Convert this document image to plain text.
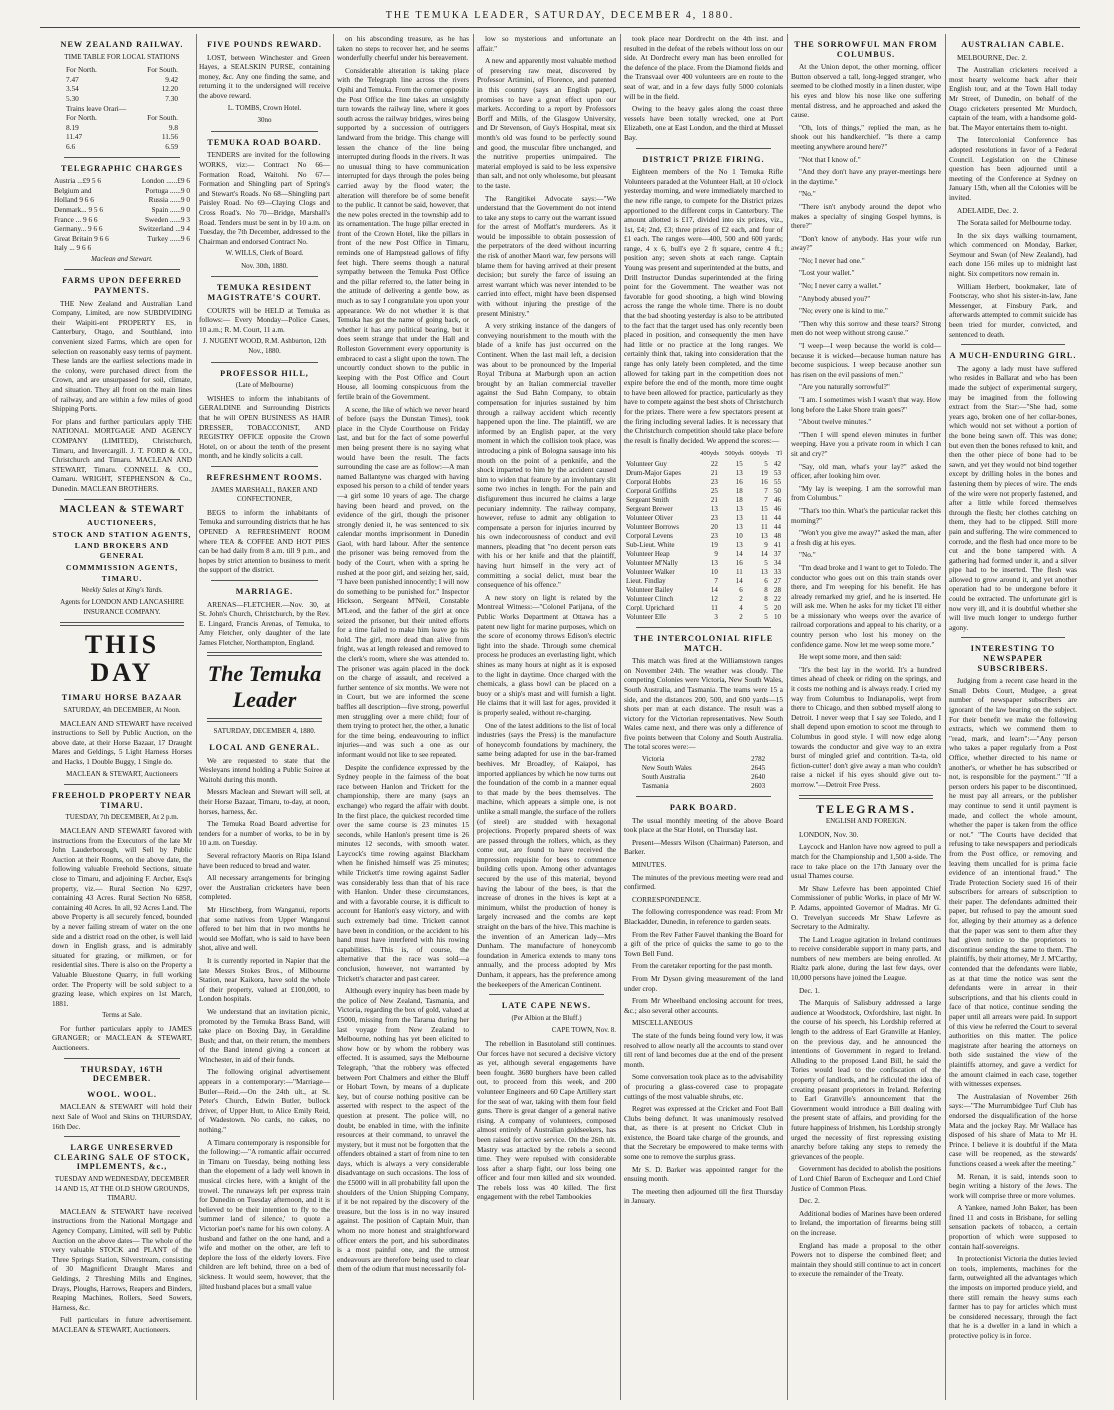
THE TEMUKA LEADER, SATURDAY, DECEMBER 4, 1880.
NEW ZEALAND RAILWAY.
TIME TABLE FOR LOCAL STATIONS
For North.	For South.
7.47	9.42
3.54	12.20
5.30	7.30
Trains leave Orari—
For North.	For South.
8.19	9.8
11.47	11.56
6.6	6.59
TELEGRAPHIC CHARGES
Austria ...£9 5 6	London ......£9 6
Belgium and	Portuga ......9 0
Holland 9 6 6	Russia ......9 0
Denmark... 9 5 6	Spain ......9 0
France ... 9 6 6	Sweden ......9 3
Germany... 9 6 6	Switzerland ...9 4
Great Britain 9 6 6	Turkey ......9 6
Italy ... 9 6 6
Maclean and Stewart.
FARMS UPON DEFERRED PAYMENTS.

THE New Zealand and Australian Land Company, Limited, are now SUBDIVIDING their Waipiti-ent PROPERTY ES, in Canterbury, Otago, and Southland, into convenient sized Farms, which are open for selection on reasonably easy terms of payment. These lands are the earliest selections made in the colony, were purchased direct from the Crown, and are unsurpassed for soil, climate, and situation. They all front on the main lines of railway, and are within a few miles of good Shipping Ports.

For plans and further particulars apply THE NATIONAL MORTGAGE AND AGENCY COMPANY (LIMITED), Christchurch, Timaru, and Invercargill. J. T. FORD & CO., Christchurch and Timaru. MACLEAN AND STEWART, Timaru. CONNELL & CO., Oamaru. WRIGHT, STEPHENSON & Co., Dunedin. MACLEAN BROTHERS.

MACLEAN & STEWART
AUCTIONEERS,
STOCK AND STATION AGENTS,
LAND BROKERS AND GENERAL
COMMMISSION AGENTS,
TIMARU.
Weekly Sales at King's Yards.
Agents for LONDON AND LANCASHIRE INSURANCE COMPANY.
THIS DAY
TIMARU HORSE BAZAAR
SATURDAY, 4th DECEMBER, At Noon.

MACLEAN AND STEWART have received instructions to Sell by Public Auction, on the above date, at their Horse Bazaar, 17 Draught Mares and Geldings, 5 Light Harness Horses and Hacks, 1 Double Buggy, 1 Single do.

MACLEAN & STEWART, Auctioneers
FREEHOLD PROPERTY NEAR TIMARU.
TUESDAY, 7th DECEMBER, At 2 p.m.

MACLEAN AND STEWART favored with instructions from the Executors of the late Mr John Lauderborough, will Sell by Public Auction at their Rooms, on the above date, the following valuable Freehold Sections, situate close to Timaru, and adjoining F. Archer, Esq's property, viz.— Rural Section No 6297, containing 43 Acres. Rural Section No 6858, containing 40 Acres. In all, 92 Acres Land. The above Property is all securely fenced, bounded by a never failing stream of water on the one side and a district road on the other, is well laid down in English grass, and is admirably situated for grazing, or milkmen, or for residential sites. There is also on the Property a Valuable Bluestone Quarry, in full working order. The Property will be sold subject to a grazing lease, which expires on 1st March, 1881.

Terms at Sale.

For further particulars apply to JAMES GRANGER; or MACLEAN & STEWART, Auctioneers.

THURSDAY, 16TH DECEMBER.
WOOL. WOOL.

MACLEAN & STEWART will hold their next Sale of Wool and Skins on THURSDAY, 16th Dec.

LARGE UNRESERVED CLEARING SALE OF STOCK, IMPLEMENTS, &c.,
TUESDAY AND WEDNESDAY, DECEMBER 14 AND 15, AT THE OLD SHOW GROUNDS, TIMARU.

MACLEAN & STEWART have received instructions from the National Mortgage and Agency Company, Limited, will sell by Public Auction on the above dates— The whole of the very valuable STOCK and PLANT of the Three Springs Station, Silverstream, consisting of 30 Magnificent Draught Mares and Geldings, 2 Threshing Mills and Engines, Drays, Ploughs, Harrows, Reapers and Binders, Reaping Machines, Rollers, Seed Sowers, Harness, &c.

Full particulars in future advertisement. MACLEAN & STEWART, Auctioneers.

FIVE POUNDS REWARD.

LOST, between Winchester and Green Hayes, a SEALSKIN PURSE, containing money, &c. Any one finding the same, and returning it to the undersigned will receive the above reward.

L. TOMBS, Crown Hotel.
30no
TEMUKA ROAD BOARD.

TENDERS are invited for the following WORKS, viz:— Contract No 66—Formation Road, Waitohi. No 67—Formation and Shingling part of Spring's and Stewart's Roads. No 68—Shingling part Paisley Road. No 69—Claying Clogs and Cross Road's. No 70—Bridge, Marshall's Road. Tenders must be sent in by 10 a.m. on Tuesday, the 7th December, addressed to the Chairman and endorsed Contract No.

W. WILLS, Clerk of Board.
Nov. 30th, 1880.
TEMUKA RESIDENT MAGISTRATE'S COURT.

COURTS will be HELD at Temuka as follows:— Every Monday—Police Cases, 10 a.m.; R. M. Court, 11 a.m.

J. NUGENT WOOD, R.M. Ashburton, 12th Nov., 1880.
PROFESSOR HILL,
(Late of Melbourne)

WISHES to inform the inhabitants of GERALDINE and Surrounding Districts that he will OPEN BUSINESS AS HAIR DRESSER, TOBACCONIST, AND REGISTRY OFFICE opposite the Crown Hotel, on or about the tenth of the present month, and he kindly solicits a call.

REFRESHMENT ROOMS.
JAMES MARSHALL, BAKER AND CONFECTIONER,

BEGS to inform the inhabitants of Temuka and surrounding districts that he has OPENED A REFRESHMENT ROOM where TEA & COFFEE AND HOT PIES can be had daily from 8 a.m. till 9 p.m., and hopes by strict attention to business to merit the support of the district.

MARRIAGE.

ARENAS—FLETCHER.—Nov. 30, at St. John's Church, Christchurch, by the Rev. E. Lingard, Francis Arenas, of Temuka, to Amy Fletcher, only daughter of the late James Fletcher, Northampton, England.

The Temuka Leader
SATURDAY, DECEMBER 4, 1880.
LOCAL AND GENERAL.

We are requested to state that the Wesleyans intend holding a Public Soiree at Waitohi during this month.

Messrs Maclean and Stewart will sell, at their Horse Bazaar, Timaru, to-day, at noon, horses, harness, &c.

The Temuka Road Board advertise for tenders for a number of works, to be in by 10 a.m. on Tuesday.

Several refractory Maoris on Ripa Island have been reduced to bread and water.

All necessary arrangements for bringing over the Australian cricketers have been completed.

Mr Hirschberg, from Wanganui, reports that some natives from Upper Wanganui offered to bet him that in two months he would see Moffatt, who is said to have been shot, alive and well.

It is currently reported in Napier that the late Messrs Stokes Bros., of Milbourne Station, near Kaikora, have sold the whole of their property, valued at £100,000, to London hospitals.

We understand that an invitation picnic, promoted by the Temuka Brass Band, will take place on Boxing Day, in Geraldine Bush; and that, on their return, the members of the Band intend giving a concert at Winchester, in aid of their funds.

The following original advertisement appears in a contemporary:—"Marriage—Butler—Reid.—On the 24th ult., at St. Peter's Church, Edwin Butler, bullock driver, of Upper Hutt, to Alice Emily Reid, of Wadestown. No cards, no cakes, no nothing."

A Timaru contemporary is responsible for the following:—"A romantic affair occurred in Timaru on Tuesday, being nothing less than the elopement of a lady well known in musical circles here, with a knight of the trowel. The runaways left per express train for Dunedin on Tuesday afternoon, and it is believed to be their intention to fly to the 'summer land of silence,' to quote a Victorian poet's name for his own colony. A husband and father on the one hand, and a wife and mother on the other, are left to deplore the loss of the elderly lovers. Five children are left behind, three on a bed of sickness. It would seem, however, that the jilted husband places but a small value

on his absconding treasure, as he has taken no steps to recover her, and he seems wonderfully cheerful under his bereavement.

Considerable alteration is taking place with the Telegraph line across the rivers Opihi and Temuka. From the corner opposite the Post Office the line takes an unsightly turn towards the railway line, where it goes south across the railway bridges, wires being supported by a succession of outriggers landward from the bridge. This change will lessen the chance of the line being interrupted during floods in the rivers. It was no unusual thing to have communication interrupted for days through the poles being carried away by the flood water; the alteration will therefore be of some benefit to the public. It cannot be said, however, that the new poles erected in the township add to its ornamentation. The huge pillar erected in front of the Crown Hotel, like the pillars in front of the new Post Office in Timaru, reminds one of Hampstead gallows of fifty feet high. There seems though a natural sympathy between the Temuka Post Office and the pillar referred to, the latter being in the attitude of delivering a gentle bow, as much as to say I congratulate you upon your appearance. We do not whether it is that Temuka has got the name of going back, or whether it has any political bearing, but it does seem strange that under the Hall and Rolleston Government every opportunity is embraced to cast a slight upon the town. The uncourtly conduct shown to the public in keeping with the Post Office and Court House, all looming conspicuous from the fertile brain of the Government.

A scene, the like of which we never heard of before (says the Dunstan Times), took place in the Clyde Courthouse on Friday last, and but for the fact of some powerful men being present there is no saying what would have been the result. The facts surrounding the case are as follow:—A man named Ballantyne was charged with having exposed his person to a child of tender years—a girl some 10 years of age. The charge having been heard and proved, on the evidence of the girl, though the prisoner strongly denied it, he was sentenced to six calendar months imprisonment in Dunedin Gaol, with hard labour. After the sentence the prisoner was being removed from the body of the Court, when with a spring he rushed at the poor girl, and seizing her, said, "I have been punished innocently; I will now do something to be punished for." Inspector Hickson, Sergeant M'Neil, Constable M'Leod, and the father of the girl at once seized the prisoner, but their united efforts for a time failed to make him leave go his hold. The girl, more dead than alive from fright, was at length released and removed to the clerk's room, where she was attended to. The prisoner was again placed in the dock on the charge of assault, and received a further sentence of six months. We were not in Court, but we are informed the scene baffles all description—five strong, powerful men struggling over a mere child; four of them trying to protect her, the other, a lunatic for the time being, endeavouring to inflict injuries—and was such a one as our informant would not like to see repeated.

Despite the confidence expressed by the Sydney people in the fairness of the boat race between Hanlon and Trickett for the championship, there are many (says an exchange) who regard the affair with doubt. In the first place, the quickest recorded time over the same course is 23 minutes 15 seconds, while Hanlon's present time is 26 minutes 12 seconds, with smooth water. Laycock's time rowing against Blackham when he finished himself was 25 minutes; while Trickett's time rowing against Sadler was considerably less than that of his race with Hanlon. Under these circumstances, and with a favorable course, it is difficult to account for Hanlon's easy victory, and with such extremely bad time. Trickett cannot have been in condition, or the accident to his hand must have interfered with his rowing capabilities. This is, of course, the alternative that the race was sold—a conclusion, however, not warranted by Trickett's character and past career.

Although every inquiry has been made by the police of New Zealand, Tasmania, and Victoria, regarding the box of gold, valued at £5000, missing from the Tararua during her last voyage from New Zealand to Melbourne, nothing has yet been elicited to show how or by whom the robbery was effected. It is assumed, says the Melbourne Telegraph, "that the robbery was effected between Port Chalmers and either the Bluff or Hobart Town, by means of a duplicate key, but of course nothing positive can be asserted with respect to the aspect of the question at present. The police will, no doubt, be enabled in time, with the infinite resources at their command, to unravel the mystery, but it must not be forgotten that the offenders obtained a start of from nine to ten days, which is always a very considerable disadvantage on such occasions. The loss of the £5000 will in all probability fall upon the shoulders of the Union Shipping Company, if it be not repaired by the discovery of the treasure, but the loss is in no way insured against. The position of Captain Muir, than whom no more honest and straightforward officer enters the port, and his subordinates is a most painful one, and the utmost endeavours are therefore being used to clear them of the odium that must necessarily fol-

low so mysterious and unfortunate an affair."

A new and apparently most valuable method of preserving raw meat, discovered by Professor Artimini, of Florence, and patented in this country (says an English paper), promises to have a great effect upon our markets. According to a report by Professors Borff and Mills, of the Glasgow University, and Dr Stevenson, of Guy's Hospital, meat six month's old was found to be perfectly sound and good, the muscular fibre unchanged, and the nutritive properties unimpaired. The material employed is said to be less expensive than salt, and not only wholesome, but pleasant to the taste.

The Rangitikei Advocate says:—"We understand that the Government do not intend to take any steps to carry out the warrant issued for the arrest of Moffatt's murderers. As it would be impossible to obtain possession of the perpetrators of the deed without incurring the risk of another Maori war, few persons will blame them for having arrived at their present decision; but surely the farce of issuing an arrest warrant which was never intended to be carried into effect, might have been dispensed with without injuring the prestige of the present Ministry."

A very striking instance of the dangers of conveying nourishment to the mouth with the blade of a knife has just occurred on the Continent. When the last mail left, a decision was about to be pronounced by the Imperial Royal Tribuna at Marburgh upon an action brought by an Italian commercial traveller against the Sud Bahn Company, to obtain compensation for injuries sustained by him through a railway accident which recently happened upon the line. The plaintiff, we are informed by an English paper, at the very moment in which the collision took place, was introducing a pink of Bologna sausage into his mouth on the point of a penknife, and the shock imparted to him by the accident caused him to widen that feature by an involuntary slit some two inches in length. For the pain and disfigurement thus incurred he claims a large pecuniary indemnity. The railway company, however, refuse to admit any obligation to compensate a person for injuries incurred by his own indecorousness of conduct and evil manners, pleading that "no decent person eats with his or her knife and that the plaintiff, having hurt himself in the very act of committing a social delict, must bear the consequence of his offence."

A new story on light is related by the Montreal Witness:—"Colonel Parijana, of the Public Works Department at Ottawa has a patent new light for marine purposes, which on the score of economy throws Edison's electric light into the shade. Through some chemical process he produces an everlasting light, which shines as many hours at night as it is exposed to the light in daytime. Once charged with the chemicals, a glass bowl can be placed on a buoy or a ship's mast and will furnish a light. He claims that it will last for ages, provided it is properly sealed, without re-charging.

One of the latest additions to the list of local industries (says the Press) is the manufacture of honeycomb foundations by machinery, the same being adapted for use in the bar-framed beehives. Mr Broadley, of Kaiapoi, has imported appliances by which he now turns out the foundation of the comb in a manner equal to that made by the bees themselves. The machine, which appears a simple one, is not unlike a small mangle, the surface of the rollers (of steel) are studded with hexagonal projections. Properly prepared sheets of wax are passed through the rollers, which, as they come out, are found to have received the impression requisite for bees to commence building cells upon. Among other advantages secured by the use of this material, beyond having the labour of the bees, is that the increase of drones in the hives is kept at a minimum, whilst the production of honey is largely increased and the combs are kept straight on the bars of the hive. This machine is the invention of an American lady—Mrs Dunham. The manufacture of honeycomb foundation in America extends to many tons annually, and the process adopted by Mrs Dunham, it appears, has the preference among the beekeepers of the American Continent.

LATE CAPE NEWS.
(Per Albion at the Bluff.)
CAPE TOWN, Nov. 8.

The rebellion in Basutoland still continues. Our forces have not secured a decisive victory as yet, although several engagements have been fought. 3680 burghers have been called out, to proceed from this week, and 200 volunteer Engineers and 60 Cape Artillery start for the seat of war, taking with them four field guns. There is great danger of a general native rising. A company of volunteers, composed almost entirely of Australian goldseekers, has been raised for active service. On the 26th ult. Mastry was attacked by the rebels a second time. They were repulsed with considerable loss after a sharp fight, our loss being one officer and four men killed and six wounded. The rebels loss was 40 killed. The first engagement with the rebel Tambookies

took place near Dordrecht on the 4th inst. and resulted in the defeat of the rebels without loss on our side. At Dordrecht every man has been enrolled for the defence of the place. From the Diamond fields and the Transvaal over 400 volunteers are en route to the seat of war, and in a few days fully 5000 colonials will be in the field.

Owing to the heavy gales along the coast three vessels have been totally wrecked, one at Port Elizabeth, one at East London, and the third at Mussel Bay.

DISTRICT PRIZE FIRING.

Eighteen members of the No 1 Temuka Rifle Volunteers paraded at the Volunteer Hall, at 10 o'clock yesterday morning, and were immediately marched to the new rifle range, to compete for the District prizes apportioned to the different corps in Canterbury. The amount allotted is £17, divided into six prizes, viz., 1st, £4; 2nd, £3; three prizes of £2 each, and four of £1 each. The ranges were—400, 500 and 600 yards; range, 4 x 6, bull's eye 2 ft square, centre 4 ft.; position any; seven shots at each range. Captain Young was present and superintended at the butts, and Drill Instructor Dundas superintended at the firing point for the Government. The weather was not favorable for good shooting, a high wind blowing across the range the whole time. There is no doubt that the bad shooting yesterday is also to be attributed to the fact that the target used has only recently been placed in position, and consequently the men have had little or no practice at the long ranges. We certainly think that, taking into consideration that the range has only lately been completed, and the time allowed for taking part in the competition does not expire before the end of the month, more time ought to have been allowed for practice, particularly as they have to compete against the best shots of Christchurch for the prizes. There were a few spectators present at the firing including several ladies. It is necessary that the Christchurch competition should take place before the result is finally decided. We append the scores:—

	400yds	500yds	600yds	Tl
Volunteer Guy	22	15	5	42
Drum-Major Gapes	21	13	19	53
Corporal Hobbs	23	16	16	55
Corporal Griffiths	25	18	7	50
Sergeant Smith	21	18	7	46
Sergeant Brewer	13	13	15	46
Volunteer Oliver	23	13	11	44
Volunteer Borrows	20	13	11	44
Corporal Levens	23	10	13	48
Sub-Lieut. White	19	13	9	41
Volunteer Heap	9	14	14	37
Volunteer M'Nally	13	16	5	34
Volunteer Walker	10	11	13	33
Lieut. Findlay	7	14	6	27
Volunteer Bailey	14	6	8	28
Volunteer Clinch	12	2	8	22
Corpl. Uprichard	11	4	5	20
Volunteer Elle	3	2	5	10
THE INTERCOLONIAL RIFLE MATCH.

This match was fired at the Williamstown ranges on November 24th. The weather was cloudy. The competing Colonies were Victoria, New South Wales, South Australia, and Tasmania. The teams were 15 a side, and the distances 200, 500, and 600 yards—15 shots per man at each distance. The result was a victory for the Victorian representatives. New South Wales came next, and there was only a difference of five points between that Colony and South Australia. The total scores were:—

Victoria	2782
New South Wales	2645
South Australia	2640
Tasmania	2603
PARK BOARD.

The usual monthly meeting of the above Board took place at the Star Hotel, on Thursday last.

Present—Messrs Wilson (Chairman) Paterson, and Barker.

MINUTES.

The minutes of the previous meeting were read and confirmed.

CORRESPONDENCE.

The following correspondence was read: From Mr Blackadder, Dunedin, in reference to garden seats.

From the Rev Father Fauvel thanking the Board for a gift of the price of quicks the same to go to the Town Bell Fund.

From the caretaker reporting for the past month.

From Mr Dyson giving measurement of the land under crop.

From Mr Wheelband enclosing account for trees, &c.; also several other accounts.

MISCELLANEOUS

The state of the funds being found very low, it was resolved to allow nearly all the accounts to stand over till rent of land becomes due at the end of the present month.

Some conversation took place as to the advisability of procuring a glass-covered case to propagate cuttings of the most valuable shrubs, etc.

Regret was expressed at the Cricket and Foot Ball Clubs being defunct. It was unanimously resolved that, as there is at present no Cricket Club in existence, the Board take charge of the grounds, and that the Secretary be empowered to make terms with some one to remove the surplus grass.

Mr S. D. Barker was appointed ranger for the ensuing month.

The meeting then adjourned till the first Thursday in January.

THE SORROWFUL MAN FROM COLUMBUS.

At the Union depot, the other morning, officer Button observed a tall, long-legged stranger, who seemed to be clothed mostly in a linen duster, wipe his eyes and blow his nose like one suffering mental distress, and he approached and asked the cause.

"Oh, lots of things," replied the man, as he shook out his handkerchief. "Is there a camp meeting anywhere around here?"

"Not that I know of."

"And they don't have any prayer-meetings here in the daytime."

"No."

"There isn't anybody around the depot who makes a specialty of singing Gospel hymns, is there?"

"Don't know of anybody. Has your wife run away?"

"No; I never had one."

"Lost your wallet."

"No; I never carry a wallet."

"Anybody abused you?"

"No; every one is kind to me."

"Then why this sorrow and these tears? Strong men do not weep without strong cause."

"I weep—I weep because the world is cold—because it is wicked—because human nature has become suspicious. I weep because another sun has risen on the evil passions of men."

"Are you naturally sorrowful?"

"I am. I sometimes wish I wasn't that way. How long before the Lake Shore train goes?"

"About twelve minutes."

"Then I will spend eleven minutes in further weeping. Have you a private room in which I can sit and cry?"

"Say, old man, what's your lay?" asked the officer, after looking him over.

"My lay is weeping. I am the sorrowful man from Columbus."

"That's too thin. What's the particular racket this morning?"

"Won't you give me away?" asked the man, after a fresh dig at his eyes.

"No."

"I'm dead broke and I want to get to Toledo. The conductor who goes out on this train stands over there, and I'm weeping for his benefit. He has already remarked my grief, and he is inserted. He will ask me. When he asks for my ticket I'll either be a missionary who weeps over the avarice of railroad corporations and appeal to his charity, or a country person who lost his money on the confidence game. Now let me weep some more."

He wept some more, and then said:

"It's the best lay in the world. It's a hundred times ahead of cheek or riding on the springs, and it costs me nothing and is always ready. I cried my way from Columbus to Indianapolis, wept from there to Chicago, and then sobbed myself along to Detroit. I never weep that I say see Toledo, and I shall depend upon emotion to scoot me through to Columbus in good style. I will now edge along towards the conductor and give way to an extra burst of mingled grief and contrition. Ta-ta, old fiction-cutter! don't give away a man who couldn't raise a nickel if his eyes should give out to-morrow."—Detroit Free Press.

TELEGRAMS.
ENGLISH AND FOREIGN.

LONDON, Nov. 30.

Laycock and Hanlon have now agreed to pull a match for the Championship and 1,500 a-side. The race to take place on the 17th January over the usual Thames course.

Mr Shaw Lefevre has been appointed Chief Commissioner of public Works, in place of Mr W. P. Adams, appointed Governor of Madras. Mr G. O. Trevelyan succeeds Mr Shaw Lefevre as Secretary to the Admiralty.

The Land League agitation in Ireland continues to receive considerable support in many parts, and numbers of new members are being enrolled. At Rialtz park alone, during the last few days, over 10,000 persons have joined the League.

Dec. 1.

The Marquis of Salisbury addressed a large audience at Woodstock, Oxfordshire, last night. In the course of his speech, his Lordship referred at length to the address of Earl Granville at Hanley, on the previous day, and he announced the intentions of Government in regard to Ireland. Alluding to the proposed Land Bill, he said the Tories would lead to the confiscation of the property of landlords, and he ridiculed the idea of creating peasant proprietors in Ireland. Referring to Earl Granville's announcement that the Government would introduce a Bill dealing with the present state of affairs, and providing for the future happiness of Irishmen, his Lordship strongly urged the necessity of first repressing existing anarchy before taking any steps to remedy the grievances of the people.

Government has decided to abolish the positions of Lord Chief Baron of Exchequer and Lord Chief Justice of Common Pleas.

Dec. 2.

Additional bodies of Marines have been ordered to Ireland, the importation of firearms being still on the increase.

England has made a proposal to the other Powers not to disperse the combined fleet; and maintain they should still continue to act in concert to execute the remainder of the Treaty.

AUSTRALIAN CABLE.

MELBOURNE, Dec. 2.

The Australian cricketers received a most hearty welcome back after their English tour, and at the Town Hall today Mr Street, of Dunedin, on behalf of the Otago cricketers presented Mr Murdoch, captain of the team, with a handsome gold-bat. The Mayor entertains them to-night.

The Intercolonial Conference has adopted resolutions in favor of a Federal Council. Legislation on the Chinese question has been adjourned until a meeting of the Conference at Sydney on January 15th, when all the Colonies will be invited.

ADELAIDE, Dec. 2.

The Sorata sailed for Melbourne today.

In the six days walking tournament, which commenced on Monday, Barker, Seymour and Swan (of New Zealand), had each done 156 miles up to midnight last night. Six competitors now remain in.

William Herbert, bookmaker, late of Footscray, who shot his sister-in-law, Jane Messenger, at Finsbury Park, and afterwards attempted to commit suicide has been tried for murder, convicted, and sentenced to death.

A MUCH-ENDURING GIRL.

The agony a lady must have suffered who resides in Ballarat and who has been made the subject of experimental surgery, may be imagined from the following extract from the Star:—"She had, some years ago, broken one of her collar-bones, which would not set without a portion of the bone being sawn off. This was done; but even then the bones refused to knit, and then the other piece of bone had to be sawn, and yet they would not bind together except by drilling holes in the bones and fastening them by pieces of wire. The ends of the wire were not properly fastened, and after a little while forced themselves through the flesh; her clothes catching on them, they had to be clipped. Still more pain and suffering. The wire commenced to corrode, and the flesh had once more to be cut and the bone tampered with. A gathering had formed under it, and a silver pipe had to be inserted. The flesh was allowed to grow around it, and yet another operation had to be undergone before it could be extracted. The unfortunate girl is now very ill, and it is doubtful whether she will live much longer to undergo further agony.

INTERESTING TO NEWSPAPER SUBSCRIBERS.

Judging from a recent case heard in the Small Debts Court, Mudgee, a great number of newspaper subscribers are ignorant of the law bearing on the subject. For their benefit we make the following extracts, which we commend them to "read, mark, and learn":—"Any person who takes a paper regularly from a Post Office, whether directed to his name or another's, or whether he has subscribed or not, is responsible for the payment." "If a person orders his paper to be discontinued, he must pay all arrears, or the publisher may continue to send it until payment is made, and collect the whole amount, whether the paper is taken from the office or not." "The Courts have decided that refusing to take newspapers and periodicals from the Post office, or removing and leaving them uncalled for is prima facie evidence of an intentional fraud." The Trade Protection Society sued 16 of their subscribers for arrears of subscription to their paper. The defendants admitted their paper, but refused to pay the amount sued for, alleging by their attorney as a defence that the paper was sent to them after they had given notice to the proprietors to discontinue sending the same to them. The plaintiffs, by their attorney, Mr J. M'Carthy, contended that the defendants were liable, as at that time the notice was sent the defendants were in arrear in their subscriptions, and that his clients could in face of that notice, continue sending the paper until all arrears were paid. In support of this view he referred the Court to several authorities on this matter. The police magistrate after hearing the attorneys on both side sustained the view of the plaintiffs attorney, and gave a verdict for the amount claimed in each case, together with witnesses expenses.

The Australasian of November 26th says:—"The Murrumbidgee Turf Club has endorsed the disqualification of the horse Mata and the jockey Ray. Mr Wallace has disposed of his share of Mata to Mr H. Prince. I believe it is doubtful if the Mata case will be reopened, as the stewards' functions ceased a week after the meeting."

M. Renan, it is said, intends soon to begin writing a history of the Jews. The work will comprise three or more volumes.

A Yankee, named John Baker, has been fined 11 and costs in Brisbane, for selling sensation packets of tobacco, a certain proportion of which were supposed to contain half-sovereigns.

In protectionist Victoria the duties levied on tools, implements, machines for the farm, outweighted all the advantages which the imposts on imported produce yield, and there still remain the heavy sums each farmer has to pay for articles which must be considered necessary, through the fact that he is a dweller in a land in which a protective policy is in force.
